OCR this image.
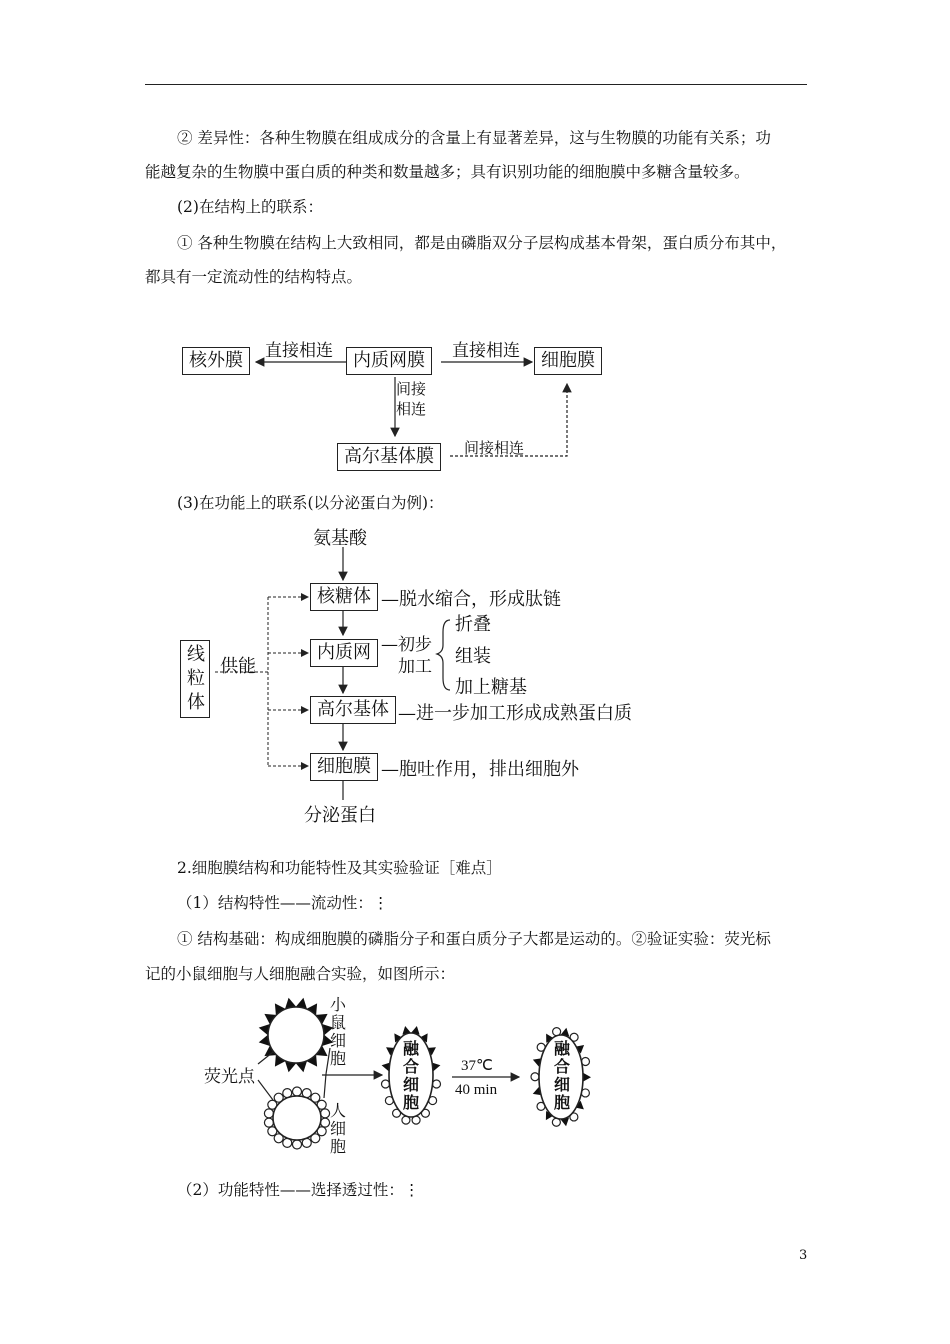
② 差异性：各种生物膜在组成成分的含量上有显著差异，这与生物膜的功能有关系；功
能越复杂的生物膜中蛋白质的种类和数量越多；具有识别功能的细胞膜中多糖含量较多。
(2)在结构上的联系：
① 各种生物膜在结构上大致相同，都是由磷脂双分子层构成基本骨架，蛋白质分布其中，
都具有一定流动性的结构特点。
核外膜	内质网膜	细胞膜
高尔基体膜
直接相连	直接相连
间接
相连
间接相连
(3)在功能上的联系(以分泌蛋白为例)：
氨基酸
核糖体 —脱水缩合，形成肽链
内质网 —初步
加工
折叠
组装
加上糖基
高尔基体 —进一步加工形成成熟蛋白质
细胞膜 —胞吐作用，排出细胞外
分泌蛋白
线
粒
体
供能
2.细胞膜结构和功能特性及其实验验证［难点］
（1）结构特性——流动性：⋮
① 结构基础：构成细胞膜的磷脂分子和蛋白质分子大都是运动的。②验证实验：荧光标
记的小鼠细胞与人细胞融合实验，如图所示：
小
鼠
细
胞
人
细
胞
荧光点
融
合
细
胞
融
合
细
胞
37℃
40 min
（2）功能特性——选择透过性：⋮
3
